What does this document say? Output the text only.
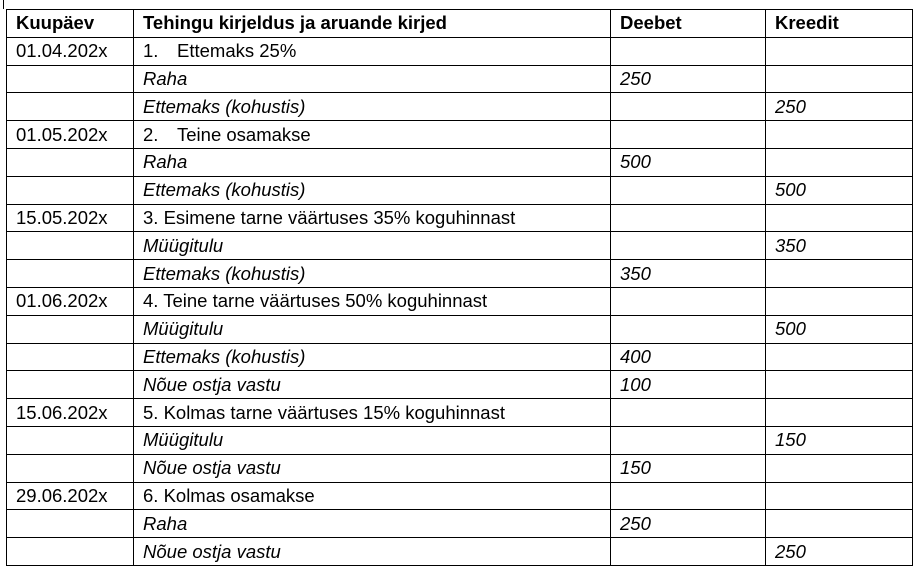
Kuupäev	Tehingu kirjeldus ja aruande kirjed	Deebet	Kreedit
01.04.202x	1. Ettemaks 25%		
	Raha	250	
	Ettemaks (kohustis)		250
01.05.202x	2. Teine osamakse		
	Raha	500	
	Ettemaks (kohustis)		500
15.05.202x	3. Esimene tarne väärtuses 35% koguhinnast		
	Müügitulu		350
	Ettemaks (kohustis)	350	
01.06.202x	4. Teine tarne väärtuses 50% koguhinnast		
	Müügitulu		500
	Ettemaks (kohustis)	400	
	Nõue ostja vastu	100	
15.06.202x	5. Kolmas tarne väärtuses 15% koguhinnast		
	Müügitulu		150
	Nõue ostja vastu	150	
29.06.202x	6. Kolmas osamakse		
	Raha	250	
	Nõue ostja vastu		250
